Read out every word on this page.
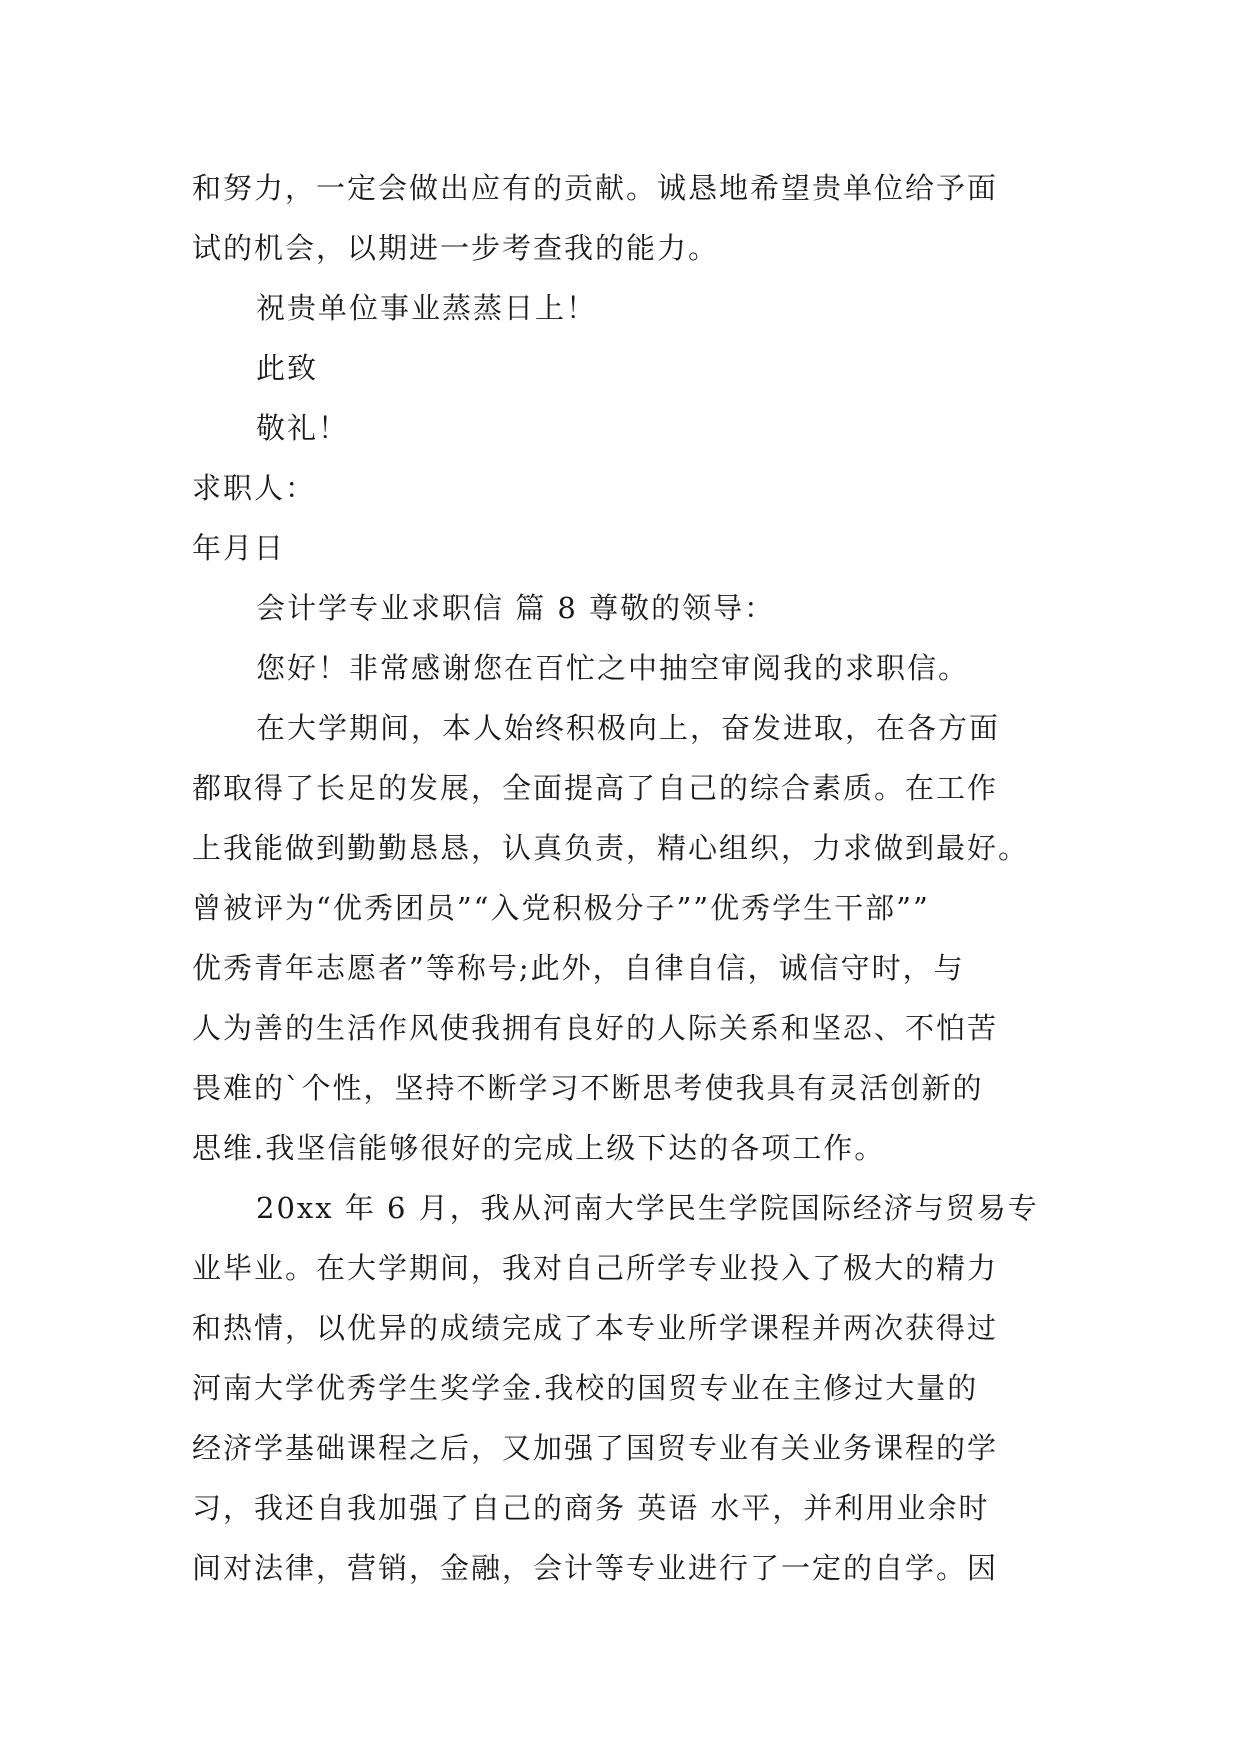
和努力，一定会做出应有的贡献。诚恳地希望贵单位给予面
试的机会，以期进一步考查我的能力。
祝贵单位事业蒸蒸日上！
此致
敬礼！
求职人：
年月日
会计学专业求职信 篇 8 尊敬的领导：
您好！非常感谢您在百忙之中抽空审阅我的求职信。
在大学期间，本人始终积极向上，奋发进取，在各方面
都取得了长足的发展，全面提高了自己的综合素质。在工作
上我能做到勤勤恳恳，认真负责，精心组织，力求做到最好。
曾被评为“优秀团员”“入党积极分子””优秀学生干部””
优秀青年志愿者”等称号;此外，自律自信，诚信守时，与
人为善的生活作风使我拥有良好的人际关系和坚忍、不怕苦
畏难的`个性，坚持不断学习不断思考使我具有灵活创新的
思维.我坚信能够很好的完成上级下达的各项工作。
20xx 年 6 月，我从河南大学民生学院国际经济与贸易专
业毕业。在大学期间，我对自己所学专业投入了极大的精力
和热情，以优异的成绩完成了本专业所学课程并两次获得过
河南大学优秀学生奖学金.我校的国贸专业在主修过大量的
经济学基础课程之后，又加强了国贸专业有关业务课程的学
习，我还自我加强了自己的商务 英语 水平，并利用业余时
间对法律，营销，金融，会计等专业进行了一定的自学。因
